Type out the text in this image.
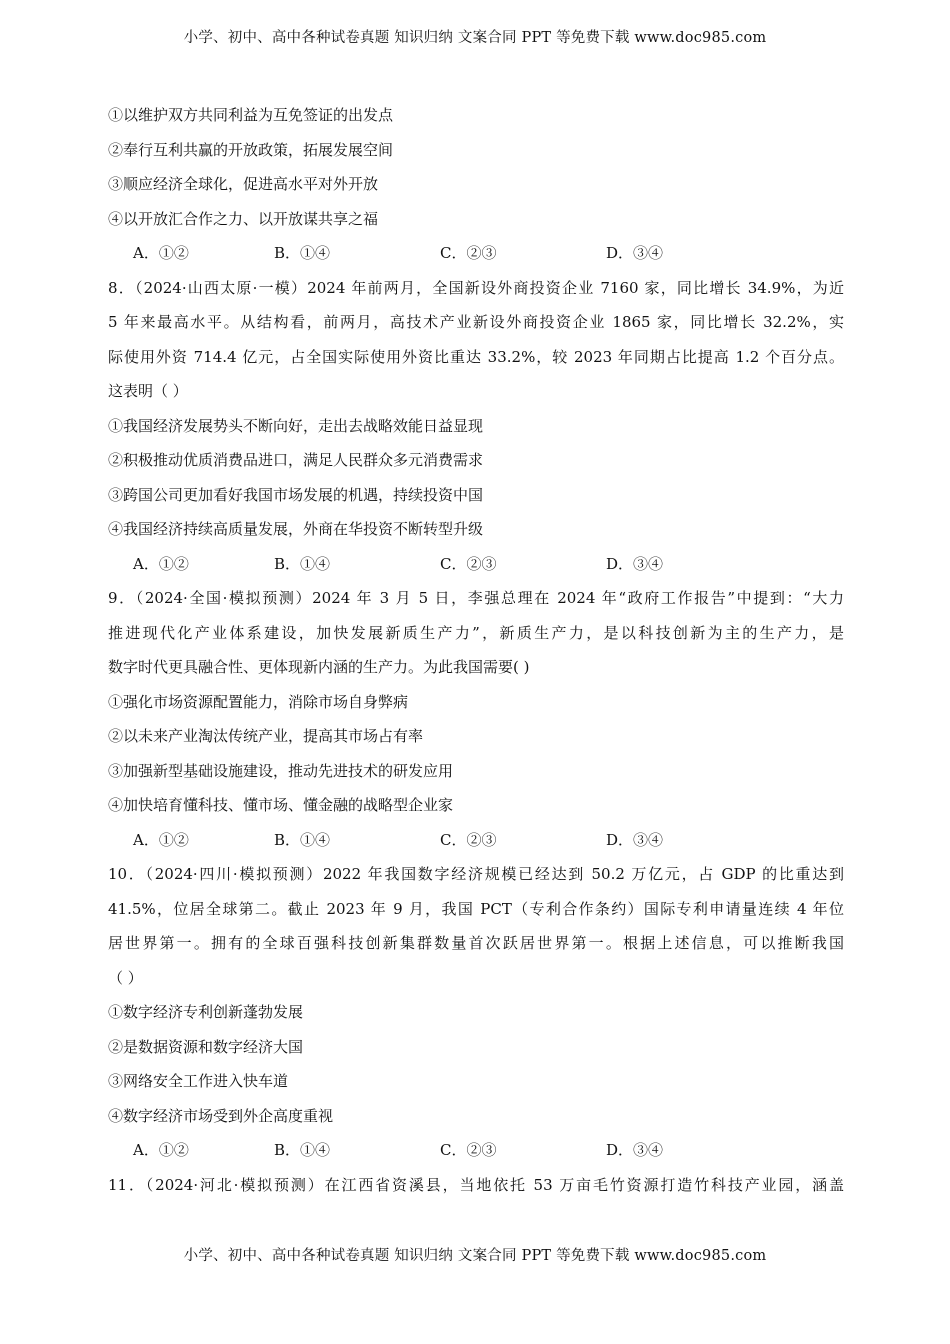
小学、初中、高中各种试卷真题 知识归纳 文案合同 PPT 等免费下载 www.doc985.com
①以维护双方共同利益为互免签证的出发点
②奉行互利共赢的开放政策，拓展发展空间
③顺应经济全球化，促进高水平对外开放
④以开放汇合作之力、以开放谋共享之福
A．①②	B．①④	C．②③	D．③④
8．（2024·山西太原·一模）2024 年前两月，全国新设外商投资企业 7160 家，同比增长 34.9%，为近
5 年来最高水平。从结构看，前两月，高技术产业新设外商投资企业 1865 家，同比增长 32.2%，实
际使用外资 714.4 亿元，占全国实际使用外资比重达 33.2%，较 2023 年同期占比提高 1.2 个百分点。
这表明（ ）
①我国经济发展势头不断向好，走出去战略效能日益显现
②积极推动优质消费品进口，满足人民群众多元消费需求
③跨国公司更加看好我国市场发展的机遇，持续投资中国
④我国经济持续高质量发展，外商在华投资不断转型升级
A．①②	B．①④	C．②③	D．③④
9．（2024·全国·模拟预测）2024 年 3 月 5 日，李强总理在 2024 年“政府工作报告”中提到：“大力
推进现代化产业体系建设，加快发展新质生产力”，新质生产力，是以科技创新为主的生产力，是
数字时代更具融合性、更体现新内涵的生产力。为此我国需要( )
①强化市场资源配置能力，消除市场自身弊病
②以未来产业淘汰传统产业，提高其市场占有率
③加强新型基础设施建设，推动先进技术的研发应用
④加快培育懂科技、懂市场、懂金融的战略型企业家
A．①②	B．①④	C．②③	D．③④
10．（2024·四川·模拟预测）2022 年我国数字经济规模已经达到 50.2 万亿元，占 GDP 的比重达到
41.5%，位居全球第二。截止 2023 年 9 月，我国 PCT（专利合作条约）国际专利申请量连续 4 年位
居世界第一。拥有的全球百强科技创新集群数量首次跃居世界第一。根据上述信息，可以推断我国
（ ）
①数字经济专利创新蓬勃发展
②是数据资源和数字经济大国
③网络安全工作进入快车道
④数字经济市场受到外企高度重视
A．①②	B．①④	C．②③	D．③④
11．（2024·河北·模拟预测）在江西省资溪县，当地依托 53 万亩毛竹资源打造竹科技产业园，涵盖
小学、初中、高中各种试卷真题 知识归纳 文案合同 PPT 等免费下载 www.doc985.com
